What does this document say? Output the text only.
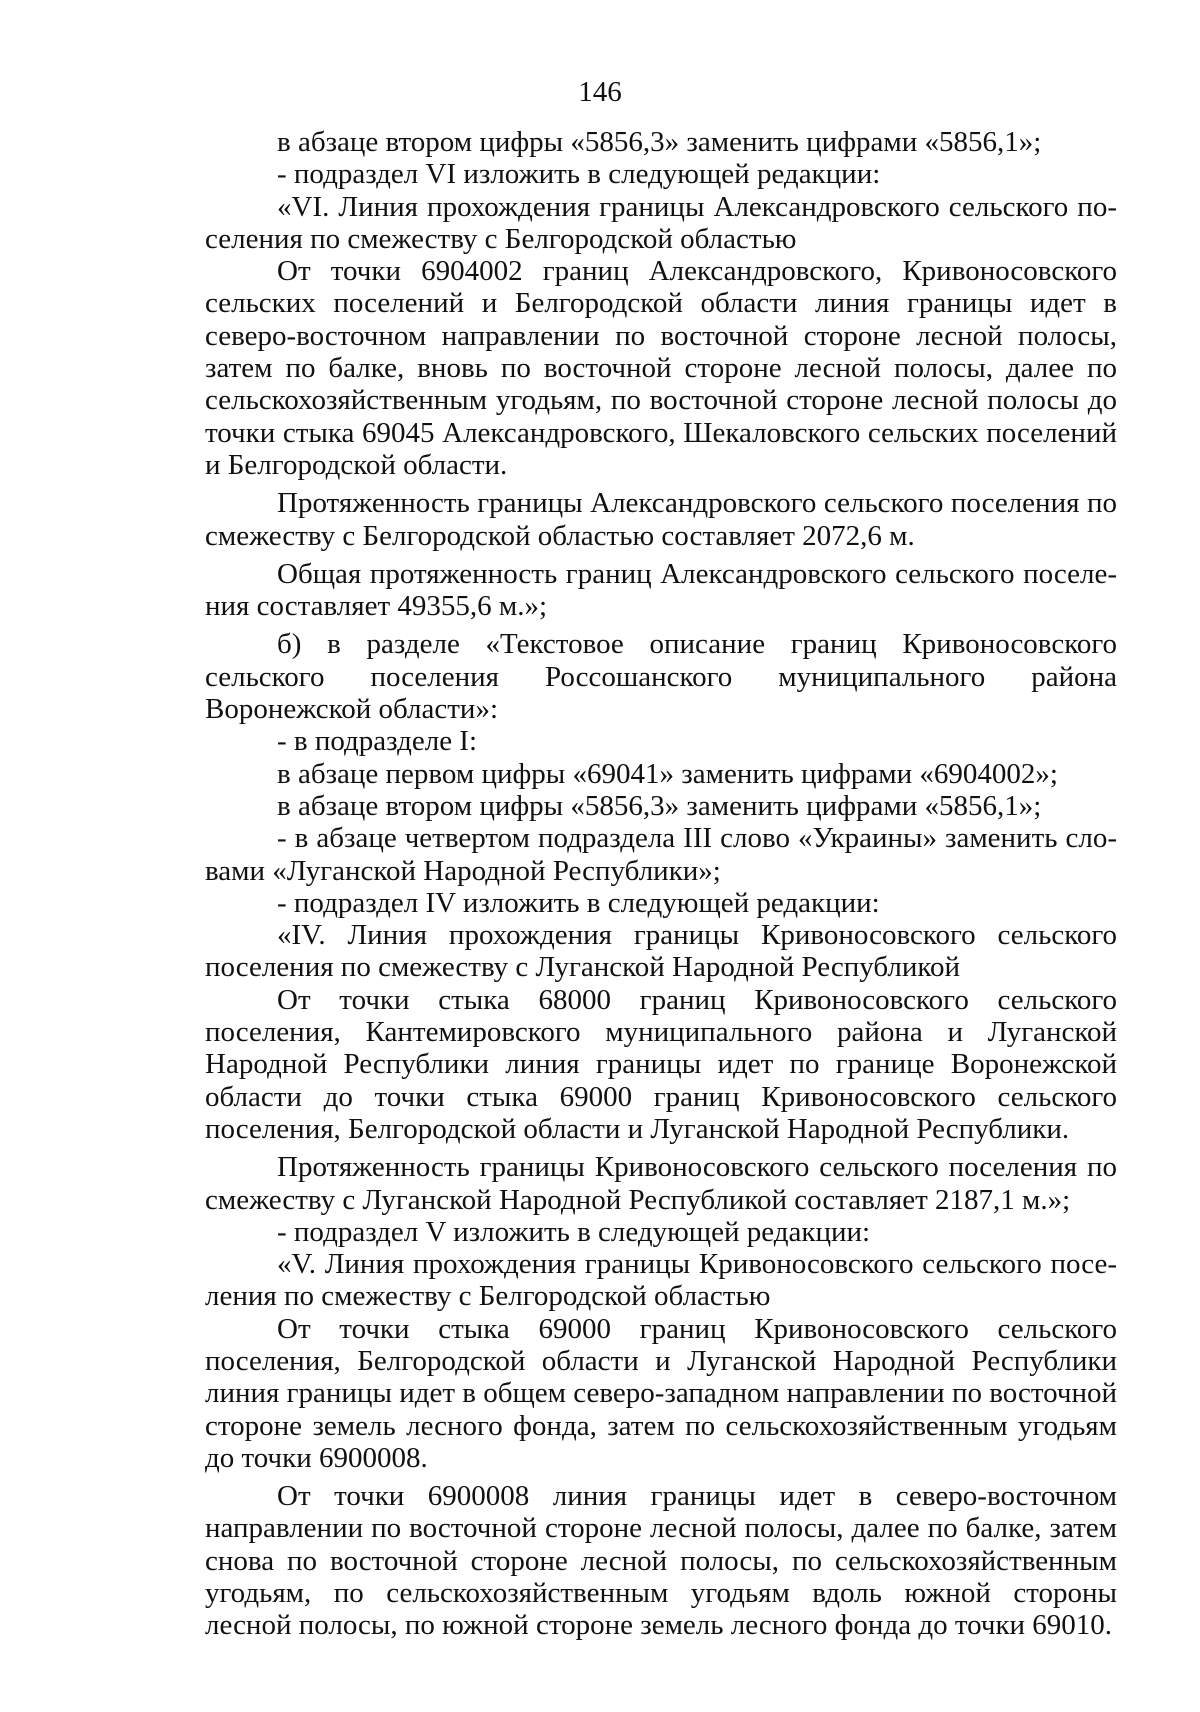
146

в абзаце втором цифры «5856,3» заменить цифрами «5856,1»;

- подраздел VI изложить в следующей редакции:

«VI. Линия прохождения границы Александровского сельского поселения по смежеству с Белгородской областью

От точки 6904002 границ Александровского, Кривоносовского сельских поселений и Белгородской области линия границы идет в северо-восточном направлении по восточной стороне лесной полосы, затем по балке, вновь по восточной стороне лесной полосы, далее по сельскохозяйственным угодьям, по восточной стороне лесной полосы до точки стыка 69045 Александровского, Шекаловского сельских поселений и Белгородской области.

Протяженность границы Александровского сельского поселения по смежеству с Белгородской областью составляет 2072,6 м.

Общая протяженность границ Александровского сельского поселения составляет 49355,6 м.»;

б) в разделе «Текстовое описание границ Кривоносовского сельского поселения Россошанского муниципального района Воронежской области»:

- в подразделе I:

в абзаце первом цифры «69041» заменить цифрами «6904002»;

в абзаце втором цифры «5856,3» заменить цифрами «5856,1»;

- в абзаце четвертом подраздела III слово «Украины» заменить словами «Луганской Народной Республики»;

- подраздел IV изложить в следующей редакции:

«IV. Линия прохождения границы Кривоносовского сельского поселения по смежеству с Луганской Народной Республикой

От точки стыка 68000 границ Кривоносовского сельского поселения, Кантемировского муниципального района и Луганской Народной Республики линия границы идет по границе Воронежской области до точки стыка 69000 границ Кривоносовского сельского поселения, Белгородской области и Луганской Народной Республики.

Протяженность границы Кривоносовского сельского поселения по смежеству с Луганской Народной Республикой составляет 2187,1 м.»;

- подраздел V изложить в следующей редакции:

«V. Линия прохождения границы Кривоносовского сельского поселения по смежеству с Белгородской областью

От точки стыка 69000 границ Кривоносовского сельского поселения, Белгородской области и Луганской Народной Республики линия границы идет в общем северо-западном направлении по восточной стороне земель лесного фонда, затем по сельскохозяйственным угодьям до точки 6900008.

От точки 6900008 линия границы идет в северо-восточном направлении по восточной стороне лесной полосы, далее по балке, затем снова по восточной стороне лесной полосы, по сельскохозяйственным угодьям, по сельскохозяйственным угодьям вдоль южной стороны лесной полосы, по южной стороне земель лесного фонда до точки 69010.
